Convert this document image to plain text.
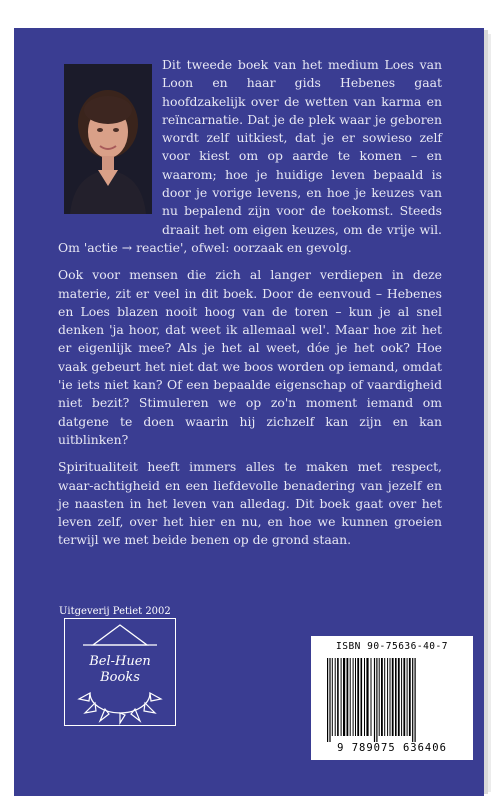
Dit tweede boek van het medium Loes van Loon en haar gids Hebenes gaat hoofdzakelijk over de wetten van karma en reïncarnatie. Dat je de plek waar je geboren wordt zelf uitkiest, dat je er sowieso zelf voor kiest om op aarde te komen – en waarom; hoe je huidige leven bepaald is door je vorige levens, en hoe je keuzes van nu bepalend zijn voor de toekomst. Steeds draait het om eigen keuzes, om de vrije wil. Om 'actie → reactie', ofwel: oorzaak en gevolg.

Ook voor mensen die zich al langer verdiepen in deze materie, zit er veel in dit boek. Door de eenvoud – Hebenes en Loes blazen nooit hoog van de toren – kun je al snel denken 'ja hoor, dat weet ik allemaal wel'. Maar hoe zit het er eigenlijk mee? Als je het al weet, dóe je het ook? Hoe vaak gebeurt het niet dat we boos worden op iemand, omdat 'ie iets niet kan? Of een bepaalde eigenschap of vaardigheid niet bezit? Stimuleren we op zo'n moment iemand om datgene te doen waarin hij zichzelf kan zijn en kan uitblinken?

Spiritualiteit heeft immers alles te maken met respect, waar-achtigheid en een liefdevolle benadering van jezelf en je naasten in het leven van alledag. Dit boek gaat over het leven zelf, over het hier en nu, en hoe we kunnen groeien terwijl we met beide benen op de grond staan.

Uitgeverij Petiet 2002
Bel-Huen
Books
ISBN 90-75636-40-7
9 789075 636406
